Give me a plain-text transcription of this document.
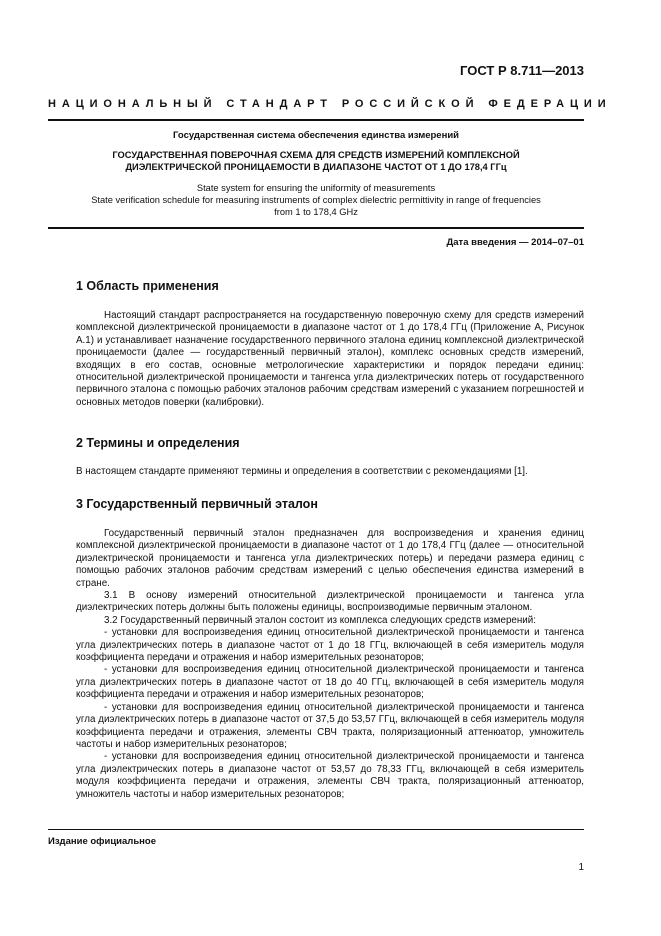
ГОСТ Р 8.711—2013
НАЦИОНАЛЬНЫЙ СТАНДАРТ РОССИЙСКОЙ ФЕДЕРАЦИИ
Государственная система обеспечения единства измерений
ГОСУДАРСТВЕННАЯ ПОВЕРОЧНАЯ СХЕМА ДЛЯ СРЕДСТВ ИЗМЕРЕНИЙ КОМПЛЕКСНОЙ
ДИЭЛЕКТРИЧЕСКОЙ ПРОНИЦАЕМОСТИ В ДИАПАЗОНЕ ЧАСТОТ ОТ 1 ДО 178,4 ГГц
State system for ensuring the uniformity of measurements
State verification schedule for measuring instruments of complex dielectric permittivity in range of frequencies
from 1 to 178,4 GHz
Дата введения — 2014–07–01
1 Область применения

Настоящий стандарт распространяется на государственную поверочную схему для средств измерений комплексной диэлектрической проницаемости в диапазоне частот от 1 до 178,4 ГГц (Приложение А, Рисунок А.1) и устанавливает назначение государственного первичного эталона единиц комплексной диэлектрической проницаемости (далее — государственный первичный эталон), комплекс основных средств измерений, входящих в его состав, основные метрологические характеристики и порядок передачи единиц: относительной диэлектрической проницаемости и тангенса угла диэлектрических потерь от государственного первичного эталона с помощью рабочих эталонов рабочим средствам измерений с указанием погрешностей и основных методов поверки (калибровки).

2 Термины и определения

В настоящем стандарте применяют термины и определения в соответствии с рекомендациями [1].

3 Государственный первичный эталон

Государственный первичный эталон предназначен для воспроизведения и хранения единиц комплексной диэлектрической проницаемости в диапазоне частот от 1 до 178,4 ГГц (далее — относительной диэлектрической проницаемости и тангенса угла диэлектрических потерь) и передачи размера единиц с помощью рабочих эталонов рабочим средствам измерений с целью обеспечения единства измерений в стране.

3.1 В основу измерений относительной диэлектрической проницаемости и тангенса угла диэлектрических потерь должны быть положены единицы, воспроизводимые первичным эталоном.

3.2 Государственный первичный эталон состоит из комплекса следующих средств измерений:

- установки для воспроизведения единиц относительной диэлектрической проницаемости и тангенса угла диэлектрических потерь в диапазоне частот от 1 до 18 ГГц, включающей в себя измеритель модуля коэффициента передачи и отражения и набор измерительных резонаторов;

- установки для воспроизведения единиц относительной диэлектрической проницаемости и тангенса угла диэлектрических потерь в диапазоне частот от 18 до 40 ГГц, включающей в себя измеритель модуля коэффициента передачи и отражения и набор измерительных резонаторов;

- установки для воспроизведения единиц относительной диэлектрической проницаемости и тангенса угла диэлектрических потерь в диапазоне частот от 37,5 до 53,57 ГГц, включающей в себя измеритель модуля коэффициента передачи и отражения, элементы СВЧ тракта, поляризационный аттенюатор, умножитель частоты и набор измерительных резонаторов;

- установки для воспроизведения единиц относительной диэлектрической проницаемости и тангенса угла диэлектрических потерь в диапазоне частот от 53,57 до 78,33 ГГц, включающей в себя измеритель модуля коэффициента передачи и отражения, элементы СВЧ тракта, поляризационный аттенюатор, умножитель частоты и набор измерительных резонаторов;

Издание официальное
1
